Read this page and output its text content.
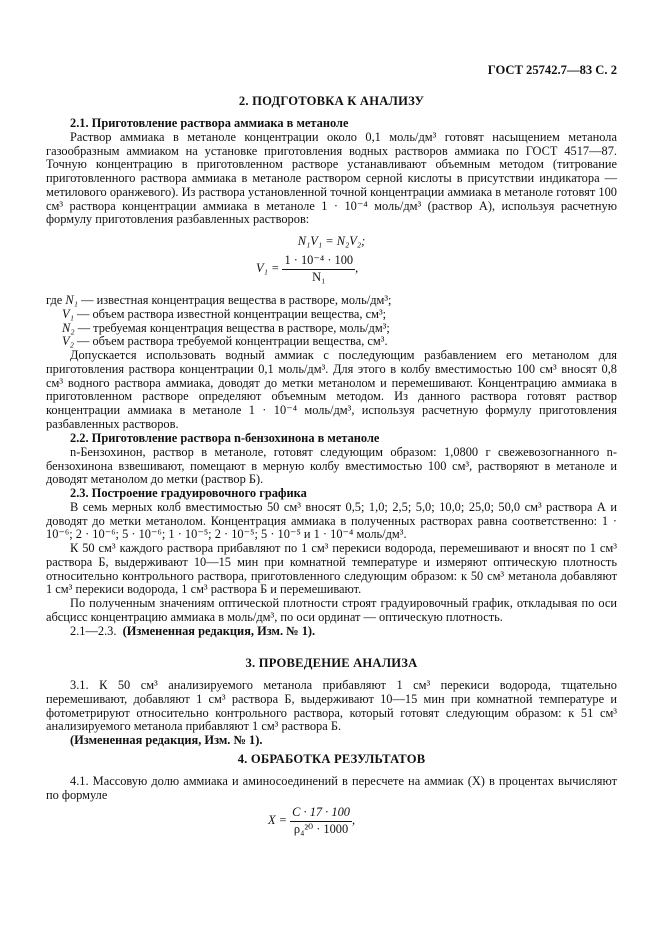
ГОСТ 25742.7—83 С. 2
2. ПОДГОТОВКА К АНАЛИЗУ

2.1. Приготовление раствора аммиака в метаноле

Раствор аммиака в метаноле концентрации около 0,1 моль/дм³ готовят насыщением метанола газообразным аммиаком на установке приготовления водных растворов аммиака по ГОСТ 4517—87. Точную концентрацию в приготовленном растворе устанавливают объемным методом (титрование приготовленного раствора аммиака в метаноле раствором серной кислоты в присутствии индикатора — метилового оранжевого). Из раствора установленной точной концентрации аммиака в метаноле готовят 100 см³ раствора концентрации аммиака в метаноле 1 · 10⁻⁴ моль/дм³ (раствор А), используя расчетную формулу приготовления разбавленных растворов:

N₁V₁ = N₂V₂;
$V_1 = \frac{\text{1 · 10⁻⁴ · 100}}{\text{N₁}}$ ,

где N₁ — известная концентрация вещества в растворе, моль/дм³;

V₁ — объем раствора известной концентрации вещества, см³;

N₂ — требуемая концентрация вещества в растворе, моль/дм³;

V₂ — объем раствора требуемой концентрации вещества, см³.

Допускается использовать водный аммиак с последующим разбавлением его метанолом для приготовления раствора концентрации 0,1 моль/дм³. Для этого в колбу вместимостью 100 см³ вносят 0,8 см³ водного раствора аммиака, доводят до метки метанолом и перемешивают. Концентрацию аммиака в приготовленном растворе определяют объемным методом. Из данного раствора готовят раствор концентрации аммиака в метаноле 1 · 10⁻⁴ моль/дм³, используя расчетную формулу приготовления разбавленных растворов.

2.2. Приготовление раствора n-бензохинона в метаноле

n-Бензохинон, раствор в метаноле, готовят следующим образом: 1,0800 г свежевозогнанного n-бензохинона взвешивают, помещают в мерную колбу вместимостью 100 см³, растворяют в метаноле и доводят метанолом до метки (раствор Б).

2.3. Построение градуировочного графика

В семь мерных колб вместимостью 50 см³ вносят 0,5; 1,0; 2,5; 5,0; 10,0; 25,0; 50,0 см³ раствора А и доводят до метки метанолом. Концентрация аммиака в полученных растворах равна соответственно: 1 · 10⁻⁶; 2 · 10⁻⁶; 5 · 10⁻⁶; 1 · 10⁻⁵; 2 · 10⁻⁵; 5 · 10⁻⁵ и 1 · 10⁻⁴ моль/дм³.

К 50 см³ каждого раствора прибавляют по 1 см³ перекиси водорода, перемешивают и вносят по 1 см³ раствора Б, выдерживают 10—15 мин при комнатной температуре и измеряют оптическую плотность относительно контрольного раствора, приготовленного следующим образом: к 50 см³ метанола добавляют 1 см³ перекиси водорода, 1 см³ раствора Б и перемешивают.

По полученным значениям оптической плотности строят градуировочный график, откладывая по оси абсцисс концентрацию аммиака в моль/дм³, по оси ординат — оптическую плотность.

2.1—2.3. (Измененная редакция, Изм. № 1).

3. ПРОВЕДЕНИЕ АНАЛИЗА

3.1. К 50 см³ анализируемого метанола прибавляют 1 см³ перекиси водорода, тщательно перемешивают, добавляют 1 см³ раствора Б, выдерживают 10—15 мин при комнатной температуре и фотометрируют относительно контрольного раствора, который готовят следующим образом: к 51 см³ анализируемого метанола прибавляют 1 см³ раствора Б.

(Измененная редакция, Изм. № 1).

4. ОБРАБОТКА РЕЗУЛЬТАТОВ

4.1. Массовую долю аммиака и аминосоединений в пересчете на аммиак (X) в процентах вычисляют по формуле

$X = \frac{C \cdot 17 \cdot 100}{\text{ρ₄²⁰ · 1000}}$ ,
